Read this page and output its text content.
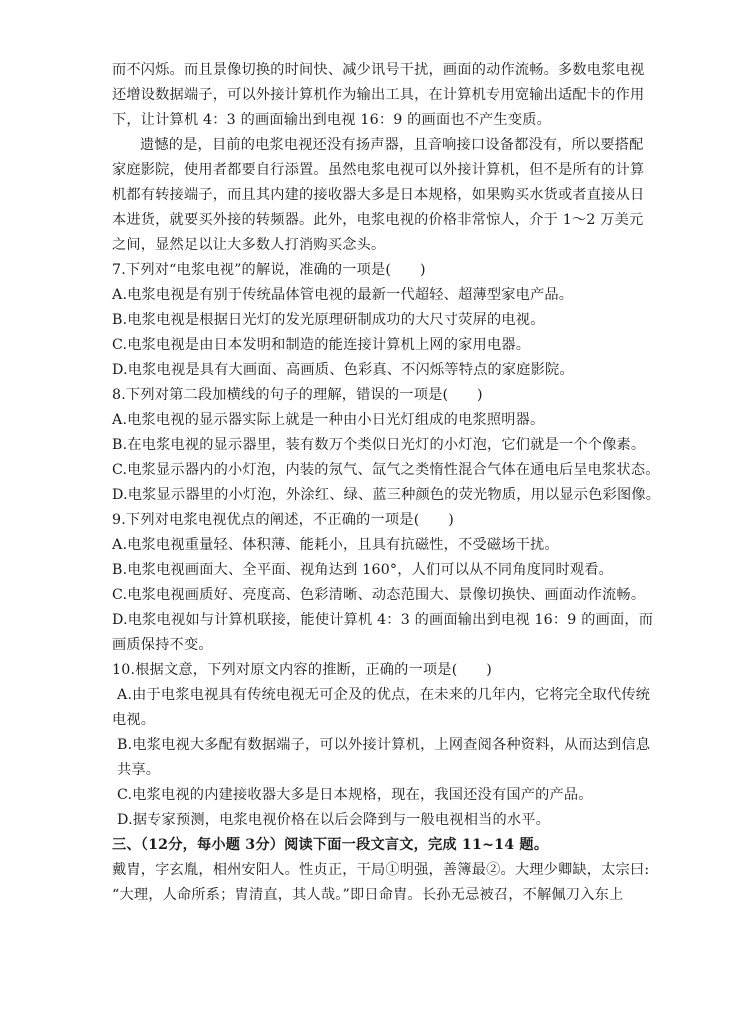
而不闪烁。而且景像切换的时间快、减少讯号干扰，画面的动作流畅。多数电浆电视
还增设数据端子，可以外接计算机作为输出工具，在计算机专用宽输出适配卡的作用
下，让计算机 4：3 的画面输出到电视 16：9 的画面也不产生变质。
遗憾的是，目前的电浆电视还没有扬声器，且音响接口设备都没有，所以要搭配
家庭影院，使用者都要自行添置。虽然电浆电视可以外接计算机，但不是所有的计算
机都有转接端子，而且其内建的接收器大多是日本规格，如果购买水货或者直接从日
本进货，就要买外接的转频器。此外，电浆电视的价格非常惊人，介于 1～2 万美元
之间，显然足以让大多数人打消购买念头。
7.下列对“电浆电视”的解说，准确的一项是(　　)
A.电浆电视是有别于传统晶体管电视的最新一代超轻、超薄型家电产品。
B.电浆电视是根据日光灯的发光原理研制成功的大尺寸荧屏的电视。
C.电浆电视是由日本发明和制造的能连接计算机上网的家用电器。
D.电浆电视是具有大画面、高画质、色彩真、不闪烁等特点的家庭影院。
8.下列对第二段加横线的句子的理解，错误的一项是(　　)
A.电浆电视的显示器实际上就是一种由小日光灯组成的电浆照明器。
B.在电浆电视的显示器里，装有数万个类似日光灯的小灯泡，它们就是一个个像素。
C.电浆显示器内的小灯泡，内装的氖气、氙气之类惰性混合气体在通电后呈电浆状态。
D.电浆显示器里的小灯泡，外涂红、绿、蓝三种颜色的荧光物质，用以显示色彩图像。
9.下列对电浆电视优点的阐述，不正确的一项是(　　)
A.电浆电视重量轻、体积薄、能耗小，且具有抗磁性，不受磁场干扰。
B.电浆电视画面大、全平面、视角达到 160°，人们可以从不同角度同时观看。
C.电浆电视画质好、亮度高、色彩清晰、动态范围大、景像切换快、画面动作流畅。
D.电浆电视如与计算机联接，能使计算机 4：3 的画面输出到电视 16：9 的画面，而
画质保持不变。
10.根据文意，下列对原文内容的推断，正确的一项是(　　)
A.由于电浆电视具有传统电视无可企及的优点，在未来的几年内，它将完全取代传统
电视。
B.电浆电视大多配有数据端子，可以外接计算机，上网查阅各种资料，从而达到信息
共享。
C.电浆电视的内建接收器大多是日本规格，现在，我国还没有国产的产品。
D.据专家预测，电浆电视价格在以后会降到与一般电视相当的水平。
三、（12分，每小题 3分）阅读下面一段文言文，完成 11~14 题。
戴胄，字玄胤，相州安阳人。性贞正，干局①明强，善簿最②。大理少卿缺，太宗曰:
“大理，人命所系；胄清直，其人哉。”即日命胄。长孙无忌被召，不解佩刀入东上
